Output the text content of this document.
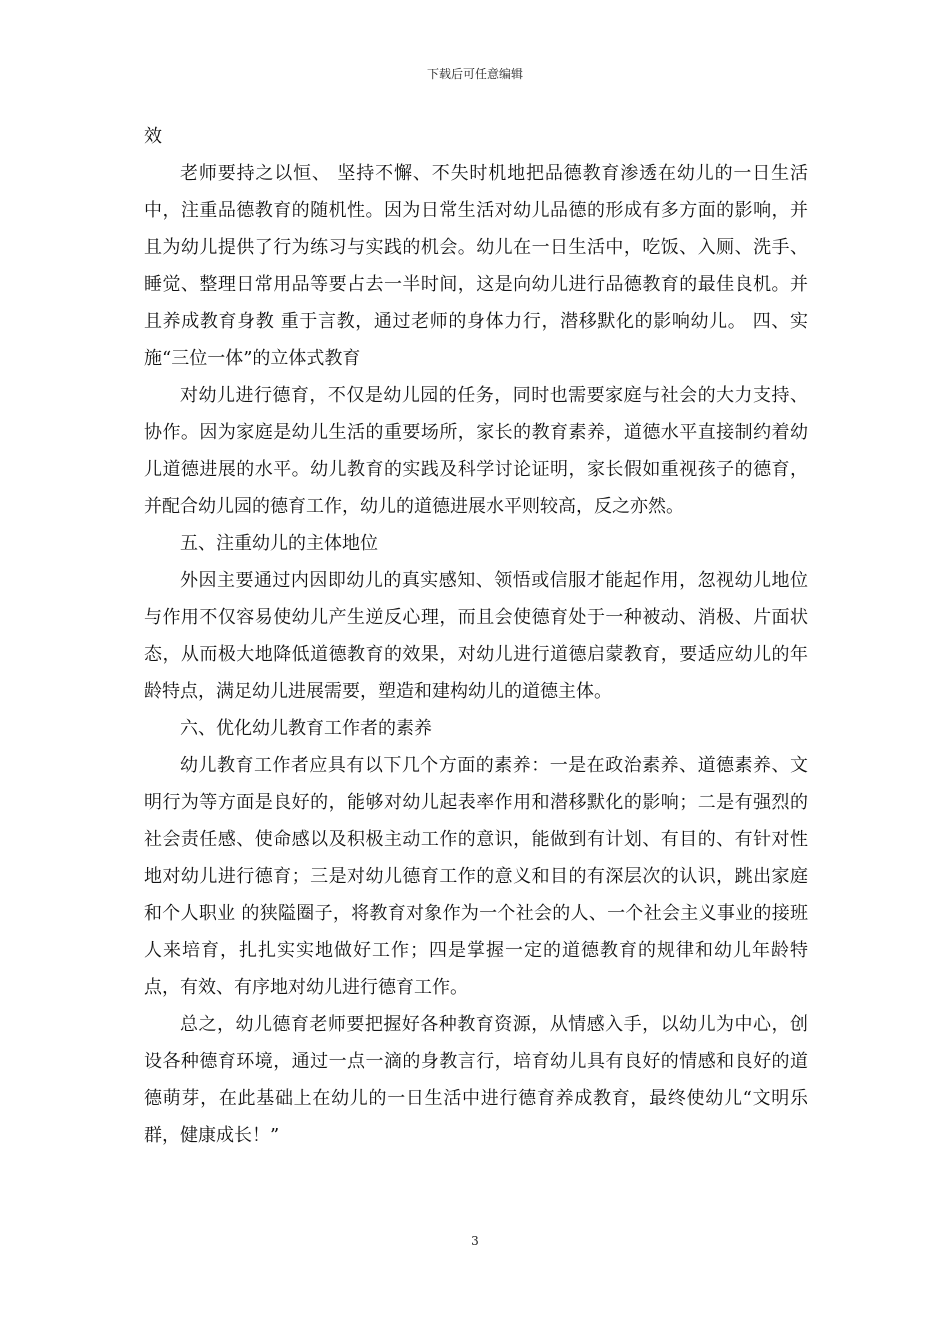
下载后可任意编辑

效

老师要持之以恒、 坚持不懈、不失时机地把品德教育渗透在幼儿的一日生活中，注重品德教育的随机性。因为日常生活对幼儿品德的形成有多方面的影响，并且为幼儿提供了行为练习与实践的机会。幼儿在一日生活中，吃饭、入厕、洗手、睡觉、整理日常用品等要占去一半时间，这是向幼儿进行品德教育的最佳良机。并且养成教育身教 重于言教，通过老师的身体力行，潜移默化的影响幼儿。 四、实施“三位一体”的立体式教育

对幼儿进行德育，不仅是幼儿园的任务，同时也需要家庭与社会的大力支持、协作。因为家庭是幼儿生活的重要场所，家长的教育素养，道德水平直接制约着幼儿道德进展的水平。幼儿教育的实践及科学讨论证明，家长假如重视孩子的德育，并配合幼儿园的德育工作，幼儿的道德进展水平则较高，反之亦然。

五、注重幼儿的主体地位

外因主要通过内因即幼儿的真实感知、领悟或信服才能起作用，忽视幼儿地位与作用不仅容易使幼儿产生逆反心理，而且会使德育处于一种被动、消极、片面状态，从而极大地降低道德教育的效果，对幼儿进行道德启蒙教育，要适应幼儿的年龄特点，满足幼儿进展需要，塑造和建构幼儿的道德主体。

六、优化幼儿教育工作者的素养

幼儿教育工作者应具有以下几个方面的素养：一是在政治素养、道德素养、文明行为等方面是良好的，能够对幼儿起表率作用和潜移默化的影响；二是有强烈的社会责任感、使命感以及积极主动工作的意识，能做到有计划、有目的、有针对性地对幼儿进行德育；三是对幼儿德育工作的意义和目的有深层次的认识，跳出家庭和个人职业 的狭隘圈子，将教育对象作为一个社会的人、一个社会主义事业的接班人来培育，扎扎实实地做好工作；四是掌握一定的道德教育的规律和幼儿年龄特点，有效、有序地对幼儿进行德育工作。

总之，幼儿德育老师要把握好各种教育资源，从情感入手，以幼儿为中心，创设各种德育环境，通过一点一滴的身教言行，培育幼儿具有良好的情感和良好的道德萌芽，在此基础上在幼儿的一日生活中进行德育养成教育，最终使幼儿“文明乐群，健康成长！”

3
